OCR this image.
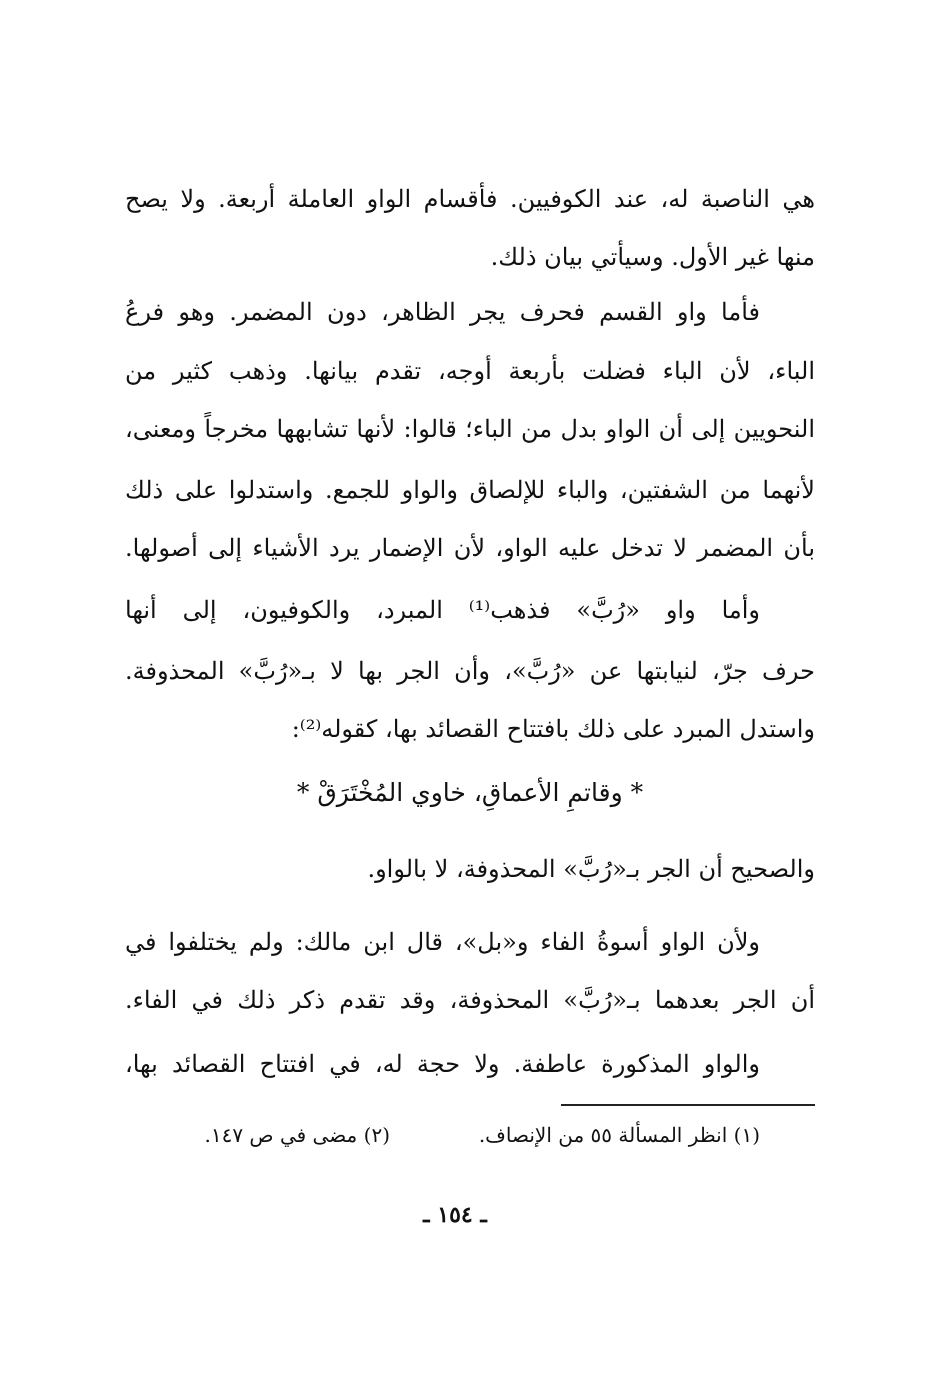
هي الناصبة له، عند الكوفيين. فأقسام الواو العاملة أربعة. ولا يصح
منها غير الأول. وسيأتي بيان ذلك.
فأما واو القسم فحرف يجر الظاهر، دون المضمر. وهو فرعُ
الباء، لأن الباء فضلت بأربعة أوجه، تقدم بيانها. وذهب كثير من
النحويين إلى أن الواو بدل من الباء؛ قالوا: لأنها تشابهها مخرجاً ومعنى،
لأنهما من الشفتين، والباء للإلصاق والواو للجمع. واستدلوا على ذلك
بأن المضمر لا تدخل عليه الواو، لأن الإضمار يرد الأشياء إلى أصولها.
وأما واو «رُبَّ» فذهب⁽¹⁾ المبرد، والكوفيون، إلى أنها
حرف جرّ، لنيابتها عن «رُبَّ»، وأن الجر بها لا بـ«رُبَّ» المحذوفة.
واستدل المبرد على ذلك بافتتاح القصائد بها، كقوله⁽²⁾:
* وقاتمِ الأعماقِ، خاوي المُخْتَرَقْ *
والصحيح أن الجر بـ«رُبَّ» المحذوفة، لا بالواو.
ولأن الواو أسوةُ الفاء و«بل»، قال ابن مالك: ولم يختلفوا في
أن الجر بعدهما بـ«رُبَّ» المحذوفة، وقد تقدم ذكر ذلك في الفاء.
والواو المذكورة عاطفة. ولا حجة له، في افتتاح القصائد بها،
(١) انظر المسألة ٥٥ من الإنصاف.
(٢) مضى في ص ١٤٧.
ـ ١٥٤ ـ
